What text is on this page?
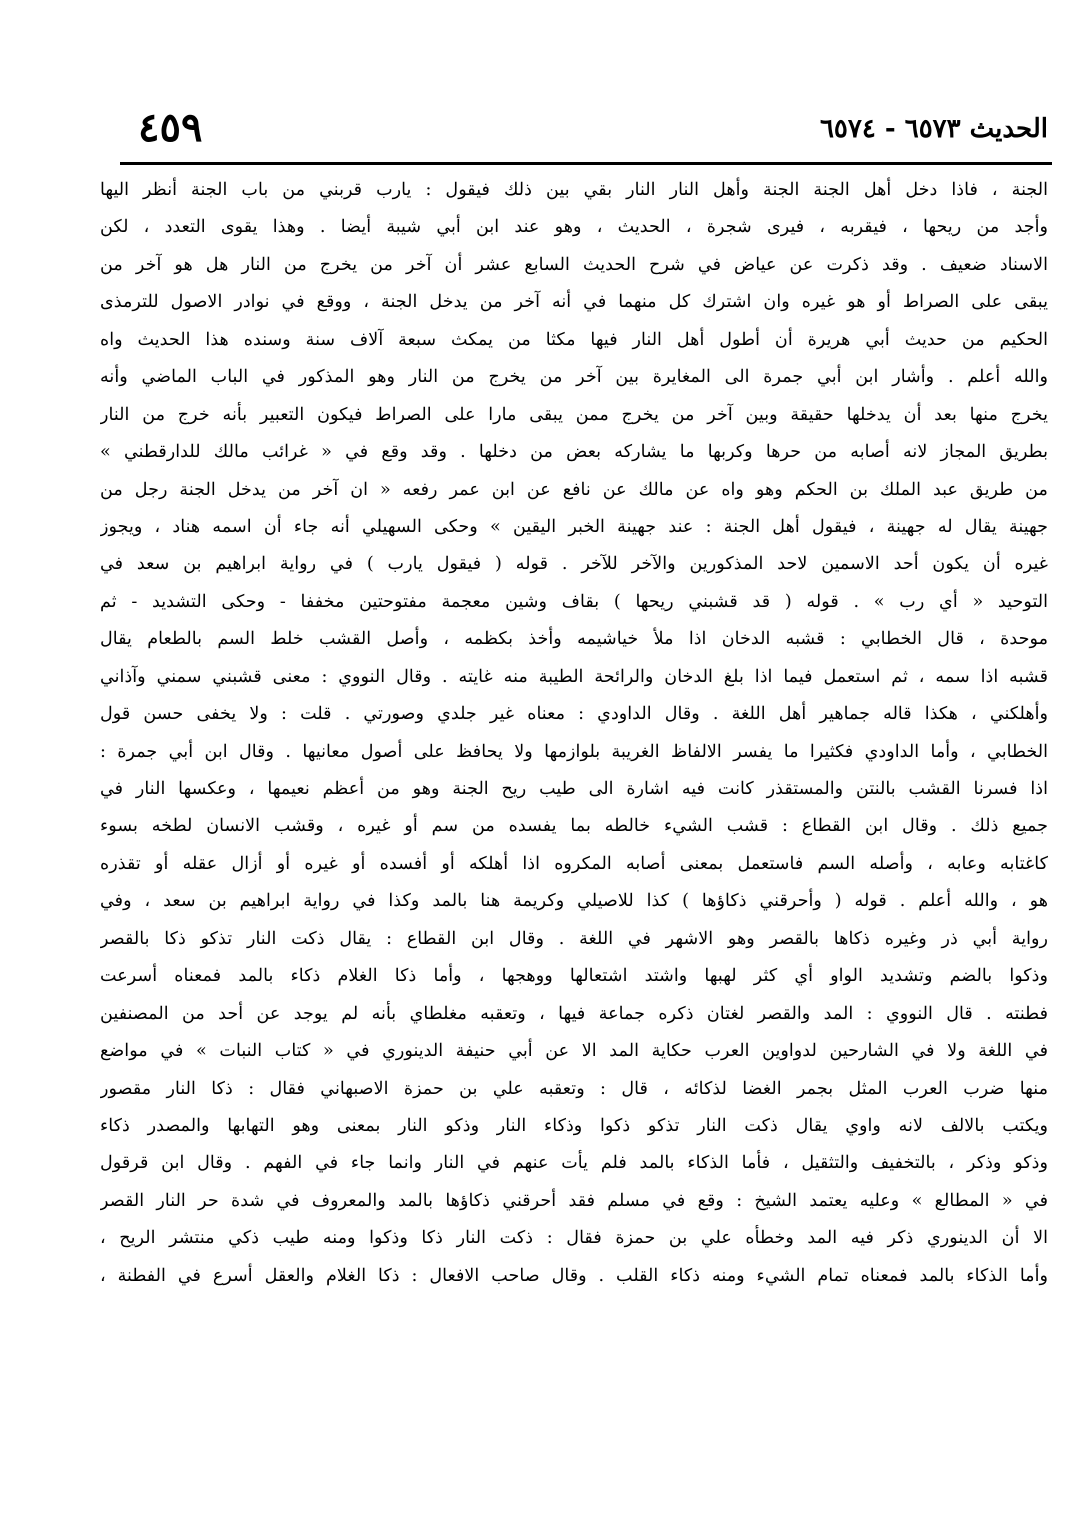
الحديث ٦٥٧٣ - ٦٥٧٤
٤٥٩
الجنة ، فاذا دخل أهل الجنة الجنة وأهل النار النار بقي بين ذلك فيقول : يارب قربني من باب الجنة أنظر اليها
وأجد من ريحها ، فيقربه ، فيرى شجرة ، الحديث ، وهو عند ابن أبي شيبة أيضا . وهذا يقوى التعدد ، لكن
الاسناد ضعيف . وقد ذكرت عن عياض في شرح الحديث السابع عشر أن آخر من يخرج من النار هل هو آخر من
يبقى على الصراط أو هو غيره وان اشترك كل منهما في أنه آخر من يدخل الجنة ، ووقع في نوادر الاصول للترمذى
الحكيم من حديث أبي هريرة أن أطول أهل النار فيها مكثا من يمكث سبعة آلاف سنة وسنده هذا الحديث واه
والله أعلم . وأشار ابن أبي جمرة الى المغايرة بين آخر من يخرج من النار وهو المذكور في الباب الماضي وأنه
يخرج منها بعد أن يدخلها حقيقة وبين آخر من يخرج ممن يبقى مارا على الصراط فيكون التعبير بأنه خرج من النار
بطريق المجاز لانه أصابه من حرها وكربها ما يشاركه بعض من دخلها . وقد وقع في « غرائب مالك للدارقطني »
من طريق عبد الملك بن الحكم وهو واه عن مالك عن نافع عن ابن عمر رفعه « ان آخر من يدخل الجنة رجل من
جهينة يقال له جهينة ، فيقول أهل الجنة : عند جهينة الخبر اليقين » وحكى السهيلي أنه جاء أن اسمه هناد ، ويجوز
غيره أن يكون أحد الاسمين لاحد المذكورين والآخر للآخر . قوله ( فيقول يارب ) في رواية ابراهيم بن سعد في
التوحيد « أي رب » . قوله ( قد قشبني ريحها ) بقاف وشين معجمة مفتوحتين مخففا - وحكى التشديد - ثم
موحدة ، قال الخطابي : قشبه الدخان اذا ملأ خياشيمه وأخذ بكظمه ، وأصل القشب خلط السم بالطعام يقال
قشبه اذا سمه ، ثم استعمل فيما اذا بلغ الدخان والرائحة الطيبة منه غايته . وقال النووي : معنى قشبني سمني وآذاني
وأهلكني ، هكذا قاله جماهير أهل اللغة . وقال الداودي : معناه غير جلدي وصورتي . قلت : ولا يخفى حسن قول
الخطابي ، وأما الداودي فكثيرا ما يفسر الالفاظ الغريبة بلوازمها ولا يحافظ على أصول معانيها . وقال ابن أبي جمرة :
اذا فسرنا القشب بالنتن والمستقذر كانت فيه اشارة الى طيب ريح الجنة وهو من أعظم نعيمها ، وعكسها النار في
جميع ذلك . وقال ابن القطاع : قشب الشيء خالطه بما يفسده من سم أو غيره ، وقشب الانسان لطخه بسوء
كاغتابه وعابه ، وأصله السم فاستعمل بمعنى أصابه المكروه اذا أهلكه أو أفسده أو غيره أو أزال عقله أو تقذره
هو ، والله أعلم . قوله ( وأحرقني ذكاؤها ) كذا للاصيلي وكريمة هنا بالمد وكذا في رواية ابراهيم بن سعد ، وفي
رواية أبي ذر وغيره ذكاها بالقصر وهو الاشهر في اللغة . وقال ابن القطاع : يقال ذكت النار تذكو ذكا بالقصر
وذكوا بالضم وتشديد الواو أي كثر لهبها واشتد اشتعالها ووهجها ، وأما ذكا الغلام ذكاء بالمد فمعناه أسرعت
فطنته . قال النووي : المد والقصر لغتان ذكره جماعة فيها ، وتعقبه مغلطاي بأنه لم يوجد عن أحد من المصنفين
في اللغة ولا في الشارحين لدواوين العرب حكاية المد الا عن أبي حنيفة الدينوري في « كتاب النبات » في مواضع
منها ضرب العرب المثل بجمر الغضا لذكائه ، قال : وتعقبه علي بن حمزة الاصبهاني فقال : ذكا النار مقصور
ويكتب بالالف لانه واوي يقال ذكت النار تذكو ذكوا وذكاء النار وذكو النار بمعنى وهو التهابها والمصدر ذكاء
وذكو وذكر ، بالتخفيف والتثقيل ، فأما الذكاء بالمد فلم يأت عنهم في النار وانما جاء في الفهم . وقال ابن قرقول
في « المطالع » وعليه يعتمد الشيخ : وقع في مسلم فقد أحرقني ذكاؤها بالمد والمعروف في شدة حر النار القصر
الا أن الدينوري ذكر فيه المد وخطأه علي بن حمزة فقال : ذكت النار ذكا وذكوا ومنه طيب ذكي منتشر الريح ،
وأما الذكاء بالمد فمعناه تمام الشيء ومنه ذكاء القلب . وقال صاحب الافعال : ذكا الغلام والعقل أسرع في الفطنة ،
